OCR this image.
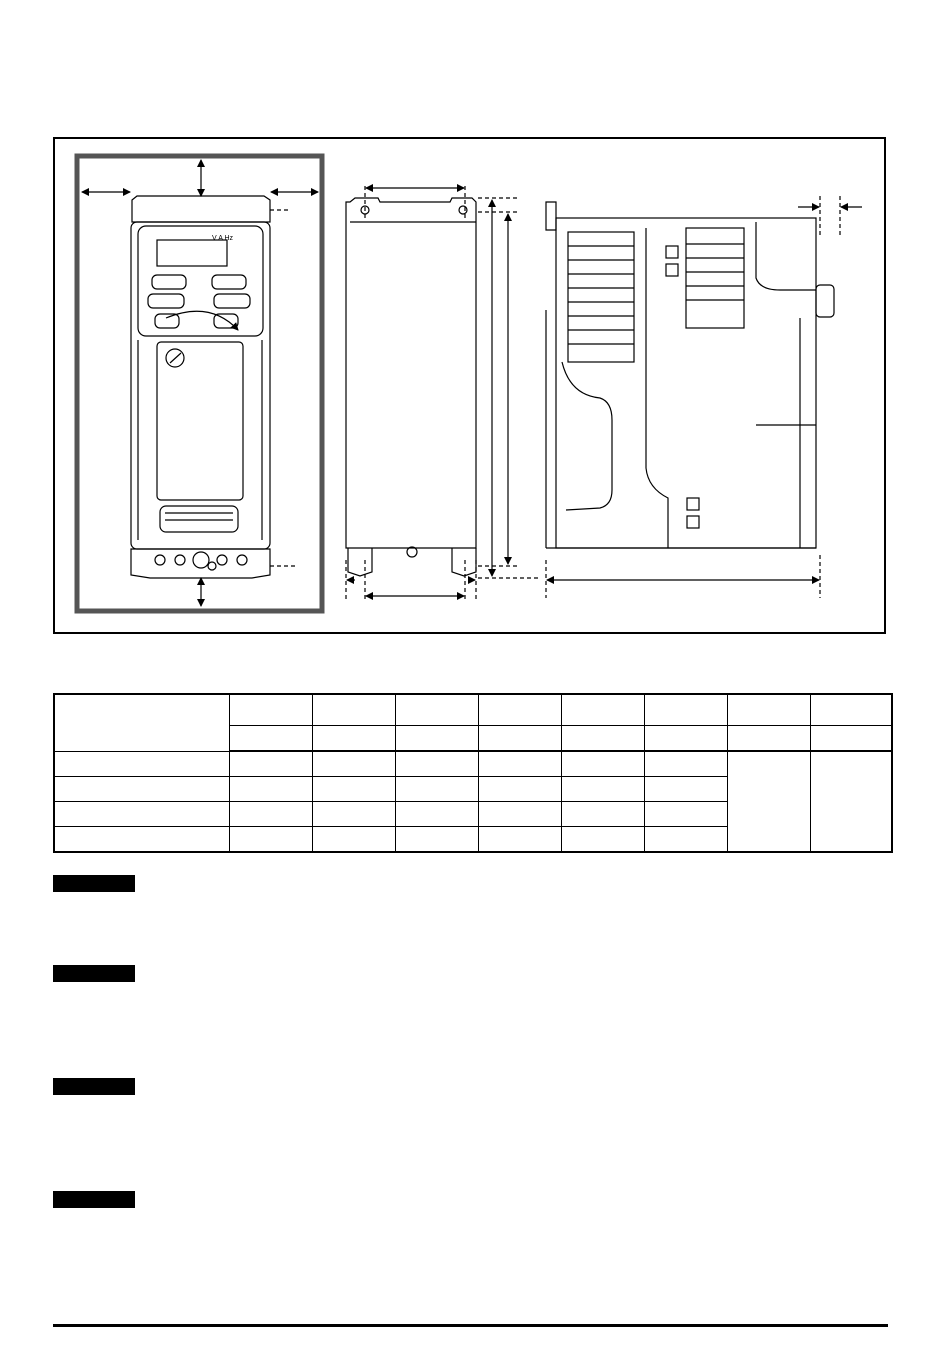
V A Hz
